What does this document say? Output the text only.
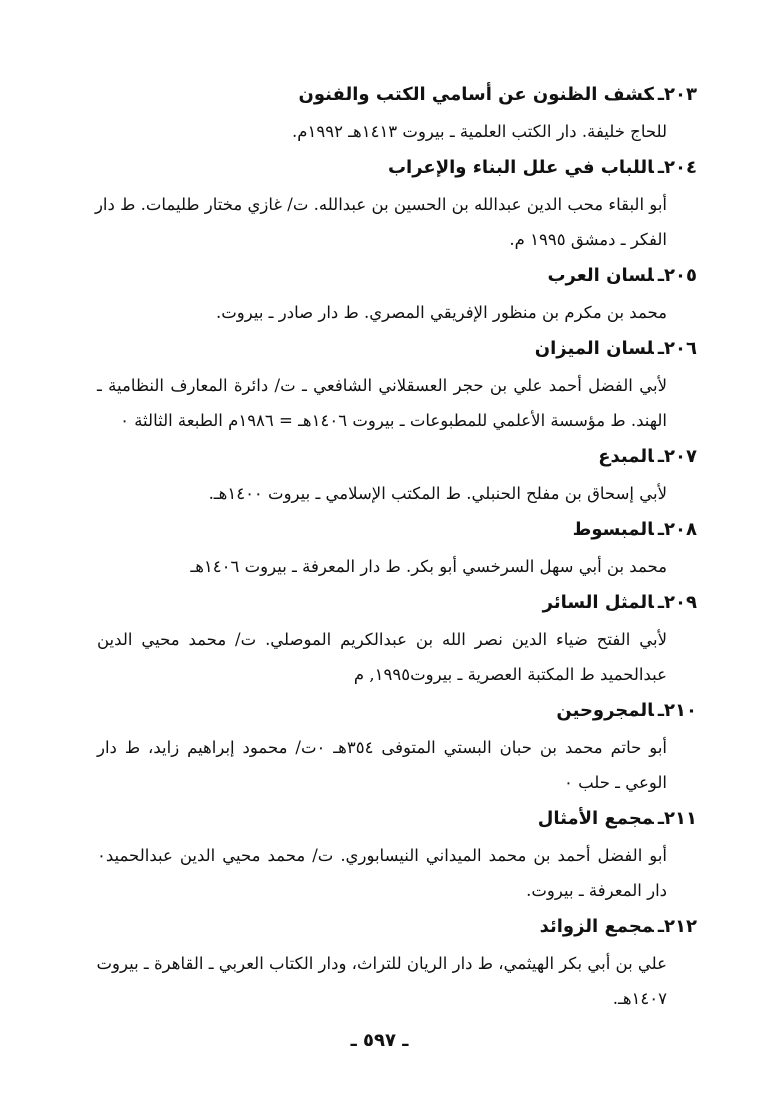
٢٠٣ـكشف الظنون عن أسامي الكتب والفنون
للحاج خليفة. دار الكتب العلمية ـ بيروت ١٤١٣هـ ١٩٩٢م.
٢٠٤ـاللباب في علل البناء والإعراب
أبو البقاء محب الدين عبدالله بن الحسين بن عبدالله. ت/ غازي مختار طليمات. ط دار
الفكر ـ دمشق ١٩٩٥ م.
٢٠٥ـلسان العرب
محمد بن مكرم بن منظور الإفريقي المصري. ط دار صادر ـ بيروت.
٢٠٦ـلسان الميزان
لأبي الفضل أحمد علي بن حجر العسقلاني الشافعي ـ ت/ دائرة المعارف النظامية ـ
الهند. ط مؤسسة الأعلمي للمطبوعات ـ بيروت ١٤٠٦هـ = ١٩٨٦م الطبعة الثالثة ٠
٢٠٧ـالمبدع
لأبي إسحاق بن مفلح الحنبلي. ط المكتب الإسلامي ـ بيروت ١٤٠٠هـ.
٢٠٨ـالمبسوط
محمد بن أبي سهل السرخسي أبو بكر. ط دار المعرفة ـ بيروت ١٤٠٦هـ
٢٠٩ـالمثل السائر
لأبي الفتح ضياء الدين نصر الله بن عبدالكريم الموصلي. ت/ محمد محيي الدين
عبدالحميد ط المكتبة العصرية ـ بيروت١٩٩٥, م
٢١٠ـالمجروحين
أبو حاتم محمد بن حبان البستي المتوفى ٣٥٤هـ ٠ت/ محمود إبراهيم زايد، ط دار
الوعي ـ حلب ٠
٢١١ـمجمع الأمثال
أبو الفضل أحمد بن محمد الميداني النيسابوري. ت/ محمد محيي الدين عبدالحميد٠
دار المعرفة ـ بيروت.
٢١٢ـمجمع الزوائد
علي بن أبي بكر الهيثمي، ط دار الريان للتراث، ودار الكتاب العربي ـ القاهرة ـ بيروت
١٤٠٧هـ.
ـ ٥٩٧ ـ
